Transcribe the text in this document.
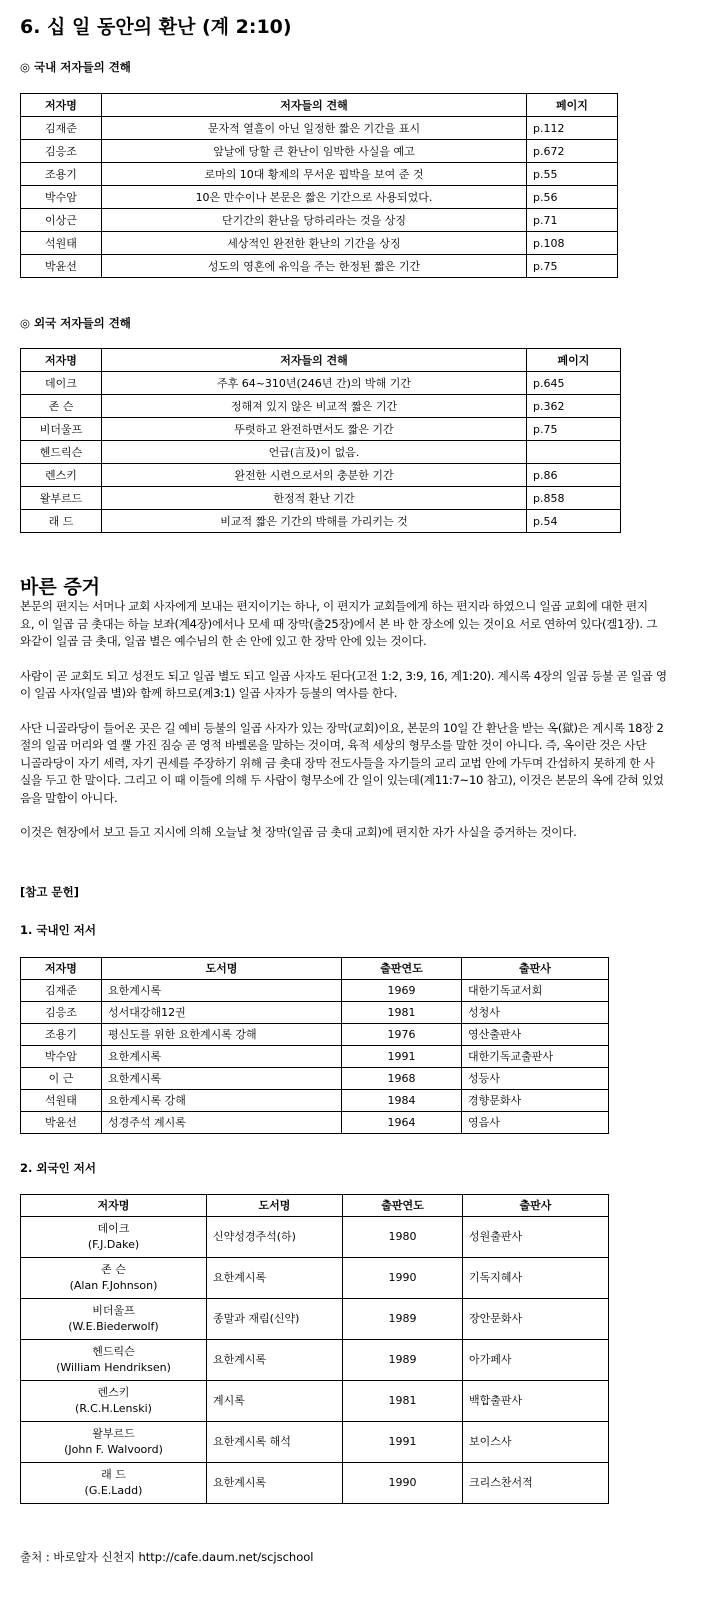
6. 십 일 동안의 환난 (계 2:10)
◎ 국내 저자들의 견해
저자명	저자들의 견해	페이지
김재준	문자적 열흘이 아닌 일정한 짧은 기간을 표시	p.112
김응조	앞날에 당할 큰 환난이 임박한 사실을 예고	p.672
조용기	로마의 10대 황제의 무서운 핍박을 보여 준 것	p.55
박수암	10은 만수이나 본문은 짧은 기간으로 사용되었다.	p.56
이상근	단기간의 환난을 당하리라는 것을 상징	p.71
석원태	세상적인 완전한 환난의 기간을 상징	p.108
박윤선	성도의 영혼에 유익을 주는 한정된 짧은 기간	p.75
◎ 외국 저자들의 견해
저자명	저자들의 견해	페이지
데이크	주후 64~310년(246년 간)의 박해 기간	p.645
존 슨	정해져 있지 않은 비교적 짧은 기간	p.362
비더울프	뚜렷하고 완전하면서도 짧은 기간	p.75
헨드릭슨	언급(言及)이 없음.	
렌스키	완전한 시련으로서의 충분한 기간	p.86
왈부르드	한정적 환난 기간	p.858
래 드	비교적 짧은 기간의 박해를 가리키는 것	p.54
바른 증거
본문의 편지는 서머나 교회 사자에게 보내는 편지이기는 하나, 이 편지가 교회들에게 하는 편지라 하였으니 일곱 교회에 대한 편지
요, 이 일곱 금 촛대는 하늘 보좌(계4장)에서나 모세 때 장막(출25장)에서 본 바 한 장소에 있는 것이요 서로 연하여 있다(겔1장). 그
와같이 일곱 금 촛대, 일곱 별은 예수님의 한 손 안에 있고 한 장막 안에 있는 것이다.
사람이 곧 교회도 되고 성전도 되고 일곱 별도 되고 일곱 사자도 된다(고전 1:2, 3:9, 16, 계1:20). 계시록 4장의 일곱 등불 곧 일곱 영
이 일곱 사자(일곱 별)와 함께 하므로(계3:1) 일곱 사자가 등불의 역사를 한다.
사단 니골라당이 들어온 곳은 길 예비 등불의 일곱 사자가 있는 장막(교회)이요, 본문의 10일 간 환난을 받는 옥(獄)은 계시록 18장 2
절의 일곱 머리와 열 뿔 가진 짐승 곧 영적 바벨론을 말하는 것이며, 육적 세상의 형무소를 말한 것이 아니다. 즉, 옥이란 것은 사단
니골라당이 자기 세력, 자기 권세를 주장하기 위해 금 촛대 장막 전도사들을 자기들의 교리 교법 안에 가두며 간섭하지 못하게 한 사
실을 두고 한 말이다. 그리고 이 때 이들에 의해 두 사람이 형무소에 간 일이 있는데(계11:7~10 참고), 이것은 본문의 옥에 갇혀 있었
음을 말함이 아니다.
이것은 현장에서 보고 듣고 지시에 의해 오늘날 첫 장막(일곱 금 촛대 교회)에 편지한 자가 사실을 증거하는 것이다.
[참고 문헌]
1. 국내인 저서
저자명	도서명	출판연도	출판사
김재준	요한계시록	1969	대한기독교서회
김응조	성서대강해12권	1981	성청사
조용기	평신도를 위한 요한계시록 강해	1976	영산출판사
박수암	요한계시록	1991	대한기독교출판사
이 근	요한계시록	1968	성등사
석원태	요한계시록 강해	1984	경향문화사
박윤선	성경주석 계시록	1964	영음사
2. 외국인 저서
저자명	도서명	출판연도	출판사

데이크
(F.J.Dake)	신약성경주석(하)	1980	성원출판사

존 슨
(Alan F.Johnson)	요한계시록	1990	기독지혜사

비더울프
(W.E.Biederwolf)	종말과 재림(신약)	1989	장안문화사

헨드릭슨
(William Hendriksen)	요한계시록	1989	아가페사

렌스키
(R.C.H.Lenski)	계시록	1981	백합출판사

왈부르드
(John F. Walvoord)	요한계시록 해석	1991	보이스사

래 드
(G.E.Ladd)	요한계시록	1990	크리스찬서적
출처 : 바로알자 신천지 http://cafe.daum.net/scjschool
